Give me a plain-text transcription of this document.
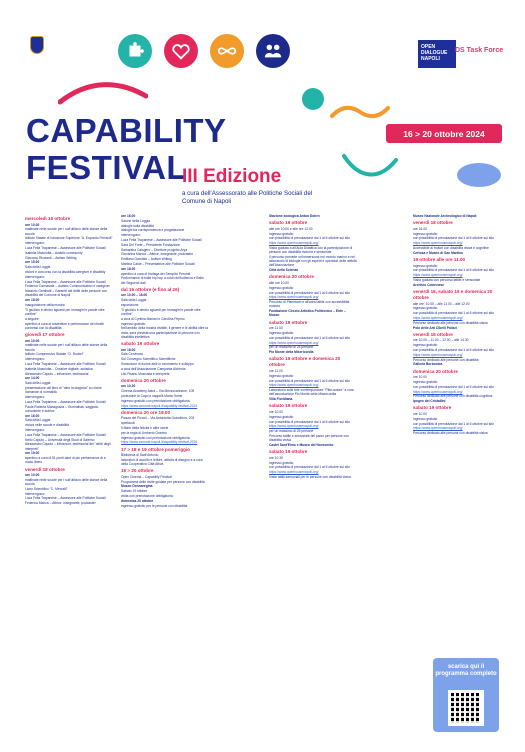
OPEN DIALOGUE NAPOLI
DS Task Force
CAPABILITY
FESTIVAL
III Edizione
a cura dell'Assessorato alle Politiche Sociali del Comune di Napoli
16 > 20 ottobre 2024

mercoledì 16 ottobre

ore 10.00

mattinate nelle scuole per i sull'utilizzo delle stanze della scuola

Istituto Statale di Istruzione Superiore "A. Esposito Ferraioli"

intervengono:

Luca Fella Trapanese – Assessore alle Politiche Sociali

Isabella Masciotta – Autistic community

Giacomo Ricciardi – Autism Writing

ore 15.00

Sala della Loggia

visioni e concorso con la disabilità caregiver e disability

intervengono:

Luca Fella Trapanese – Assessore alle Politiche Sociali

Federica Cannavale – Autistic Communication e caregiver

Maurizio Gentilotti – Garante dei diritti delle persone con disabilità del Comune di Napoli

ore 18.00

inaugurazione della mostra

"Il giudizio è dentro sguardi per immagini e parole oltre confine"

a seguire:

aperitivo a cura di sostenitori e performance dei ritratti connessi con la disabilità

giovedì 17 ottobre

ore 10.00

mattinate nelle scuole per i sull'utilizzo delle stanze della scuola

Istituto Comprensivo Statale "G. Rodari"

intervengono:

Luca Fella Trapanese – Assessore alle Politiche Sociali

Isabella Masciotta – Creative digitale, autistica

Alessandro Caputo – influencer, testimonial

ore 14.00

Sala della Loggia

presentazione del libro di "oltre la diagnosi" su vicine domande di normalità

intervengono:

Luca Fella Trapanese – Assessore alle Politiche Sociali

Paola Roberta Mariagrazia – Giornalista, saggista, consulente e autrice

ore 16.00

Sala della Loggia

visioni nelle scuole e disabilità

intervengono:

Luca Fella Trapanese – Assessore alle Politiche Sociali

Nello Caputo – Università degli Studi di Salerno

Alessandro Caputo – influencer, testimonial dei "diritti degli interpreti"

ore 19.00

aperitivo a cura di 51 punti dare di più performance di a nuoto libero

venerdì 18 ottobre

ore 10.00

mattinate nelle scuole per i sull'utilizzo delle stanze della scuola

Liceo Scientifico "C. Mercalli"

intervengono:

Luca Fella Trapanese – Assessore alle Politiche Sociali

Federica Manca – Attrice, insegnante, podcaster

ore 16.00

Salone della Loggia

dialoghi sulla disabilità

dialoghi tra corrispondenza e progettazione

intervengono:

Luca Fella Trapanese – Assessore alle Politiche Sociali

Sara Del Forte – Presidente Fondazione

Samantha Calogero – Direttore progetto Arya

Giovanna Manca – Attrice, insegnante, podcaster

Emiliano Garofalo – Autism Writing

Martina Calde – Presentatrice alle Politiche Sociali

ore 18.00

aperitivo a cura di Huitaga dei Semplici Peronei

Performance di balle hip hop a colori dell'udienza e Ballo dei Seguenti dati

dal 16 ottobre (e fino al 26)

ore 10.00 – 18.00

Sala della Loggia

esposizione

"Il giudizio è dentro sguardi per immagini e parole oltre confine"

a cura di Cynthia Mariani e Carolina Pepino

ingresso gratuito

Nell'ambito della mostra visibile, il genere e le abilità oltre la vista, sarà prevista una partecipazione di persone con disabilità intellettiva

sabato 19 ottobre

ore 18.00

Sala Cervinara

Sul Convegno Scientifico Scientifiche

l'inclusione di donne abili in movimento e sviluppo

a cura dell'Associazione Campania Alchimia

Lito Pisanu Musicista e interprete

domenica 20 ottobre

ore 10.30

Cinema Academy Astra – Via Mezzocannone, 109

proiezione di Capo e cappelli Marta Home

ingresso gratuito con prenotazione obbligatoria

https://www.comune.napoli.it/capability-festival-2024

domenica 20 ore 18.00

Piazza dei Piccoli – Via Antonietta Gramifono, 203

spettacoli

Il Mare della felicità e altre storie

per la regia di Umberto Gravino

ingresso gratuito con prenotazione obbligatoria

https://www.comune.napoli.it/capability-festival-2024

17 > 18 e 19 ottobre pomeriggio

Biblioteca di Sant'Antonio

laboratori di ascolto e letture, attività di disegno e a cura della Cooperativa Città Attiva

19 > 20 ottobre

Open Cinema – Capability Festival

Programma delle visite guidate per persone con disabilità

Museo Donnaregina

Sabato 19 ottobre

visita con prenotazione obbligatoria

domenica 20 ottobre

ingresso gratuito per le persone con disabilità

Stazione zoologica Anton Dohrn

sabato 19 ottobre

alle ore 10:00 e alle ore 12:00

ingresso gratuito

con possibilità di prenotazione dal 1 al 6 ottobre sul sito

https://www.openhousenapoli.org/

Visita guidata a all'Aula Didattica con la partecipazione di persone con disabilità motoria e sensoriale

Il percorso prevede un'immersione nel mondo marino e nel laboratorio di biologia con gli esperti e operatori delle attività dell'Associazione

Città della Scienza

domenica 20 ottobre

alle ore 10.00

ingresso gratuito

con possibilità di prenotazione dal 1 al 6 ottobre sul sito

https://www.openhousenapoli.org/

Percorso di Planetario e all'area tattile con accessibilità motoria

Fondazione Circolo Artistico Politecnico – Ente – Museo

sabato 19 ottobre

ore 11.00

ingresso gratuito

con possibilità di prenotazione dal 1 al 6 ottobre sul sito

https://www.openhousenapoli.org/

per un massimo di 25 persone

Pio Monte della Misericordia

sabato 19 ottobre e domenica 20 ottobre

ore 11.00

ingresso gratuito

con possibilità di prenotazione dal 1 al 6 ottobre sul sito

https://www.openhousenapoli.org/

Laboratorio sulle tele contemporanee "Pitie-autore" a cura dell'associazione Pio Monte della Misericordia

Villa Floridiana

sabato 19 ottobre

ore 10.00

ingresso gratuito

con possibilità di prenotazione dal 1 al 6 ottobre sul sito

https://www.openhousenapoli.org/

per un massimo di 25 persone

Percorso tattile e sensoriale del parco per persone con disabilità visiva

Castel Sant'Elmo e Museo del Novecento

sabato 19 ottobre

ore 10.30

ingresso gratuito

con possibilità di prenotazione dal 1 al 6 ottobre sul sito

https://www.openhousenapoli.org/

Visite tattili-sensoriali per le persone con disabilità visiva

Museo Nazionale Archeologico di Napoli

venerdì 18 ottobre

ore 16.00

ingresso gratuito

con possibilità di prenotazione dal 1 al 6 ottobre sul sito

https://www.openhousenapoli.org/

Accessibile ai fruitori con disabilità visiva e cognitive

Certosa e Museo di San Martino

19 ottobre alle ore 11.00

ingresso gratuito

con possibilità di prenotazione dal 1 al 6 ottobre sul sito

https://www.openhousenapoli.org/

Visita guidata con percorso tattile e sensoriale

Archivio Colonnese

venerdì 18, sabato 19 e domenica 20 ottobre

alle ore: 10.00 – alle 11.00 – alle 12.00

ingresso gratuito

con possibilità di prenotazione dal 1 al 6 ottobre sul sito

https://www.openhousenapoli.org/

Percorso dedicato alle persone con disabilità visiva

Polo delle Arti Cibelli Palizzi

venerdì 18 ottobre

ore 10.00 – 11.00 – 12.00 – alle 14.30

ingresso gratuito

con possibilità di prenotazione dal 1 al 6 ottobre sul sito

https://www.openhousenapoli.org/

Percorso dedicato alle persone con disabilità

Galleria Borbonica

domenica 20 ottobre

ore 10.00

ingresso gratuito

con possibilità di prenotazione dal 1 al 6 ottobre sul sito

https://www.openhousenapoli.org/

Percorso dedicato alle persone con disabilità cognitiva

Ipogeo dei Cristallini

sabato 19 ottobre

ore 10.00

ingresso gratuito

con possibilità di prenotazione dal 1 al 6 ottobre sul sito

https://www.openhousenapoli.org/

Percorso dedicato alle persone con disabilità visiva

scarica qui il programma completo
